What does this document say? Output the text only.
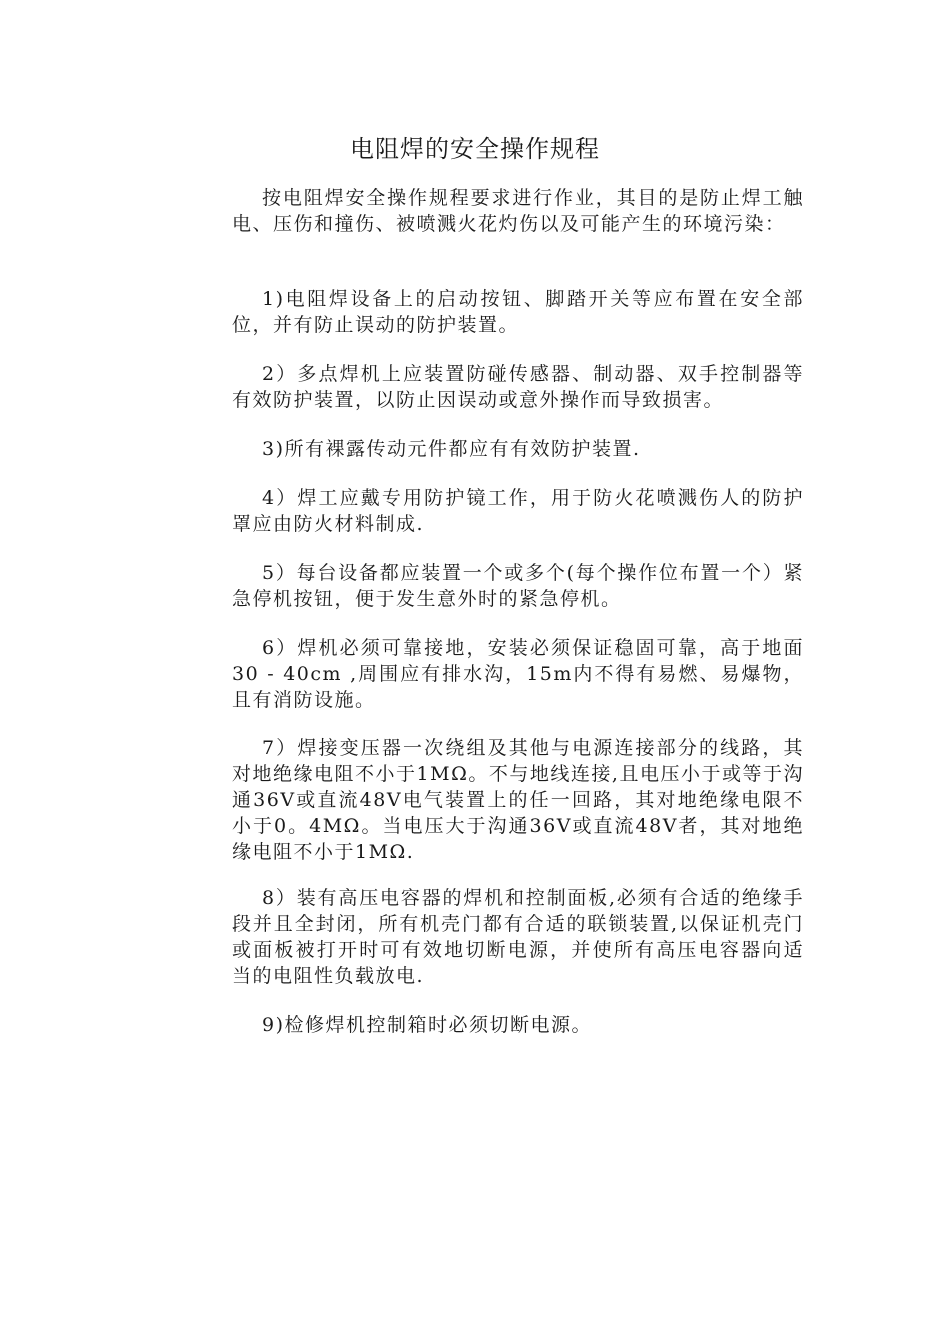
电阻焊的安全操作规程

按电阻焊安全操作规程要求进行作业，其目的是防止焊工触电、压伤和撞伤、被喷溅火花灼伤以及可能产生的环境污染：

1)电阻焊设备上的启动按钮、脚踏开关等应布置在安全部位，并有防止误动的防护装置。

2）多点焊机上应装置防碰传感器、制动器、双手控制器等有效防护装置，以防止因误动或意外操作而导致损害。

3)所有裸露传动元件都应有有效防护装置.

4）焊工应戴专用防护镜工作，用于防火花喷溅伤人的防护罩应由防火材料制成.

5）每台设备都应装置一个或多个(每个操作位布置一个）紧急停机按钮，便于发生意外时的紧急停机。

6）焊机必须可靠接地，安装必须保证稳固可靠，高于地面 30 - 40cm ,周围应有排水沟，15m内不得有易燃、易爆物，且有消防设施。

7）焊接变压器一次绕组及其他与电源连接部分的线路，其对地绝缘电阻不小于1MΩ。不与地线连接,且电压小于或等于沟通36V或直流48V电气装置上的任一回路，其对地绝缘电限不小于0。4MΩ。当电压大于沟通36V或直流48V者，其对地绝缘电阻不小于1MΩ.

8）装有高压电容器的焊机和控制面板,必须有合适的绝缘手段并且全封闭，所有机壳门都有合适的联锁装置,以保证机壳门或面板被打开时可有效地切断电源，并使所有高压电容器向适当的电阻性负载放电.

9)检修焊机控制箱时必须切断电源。
